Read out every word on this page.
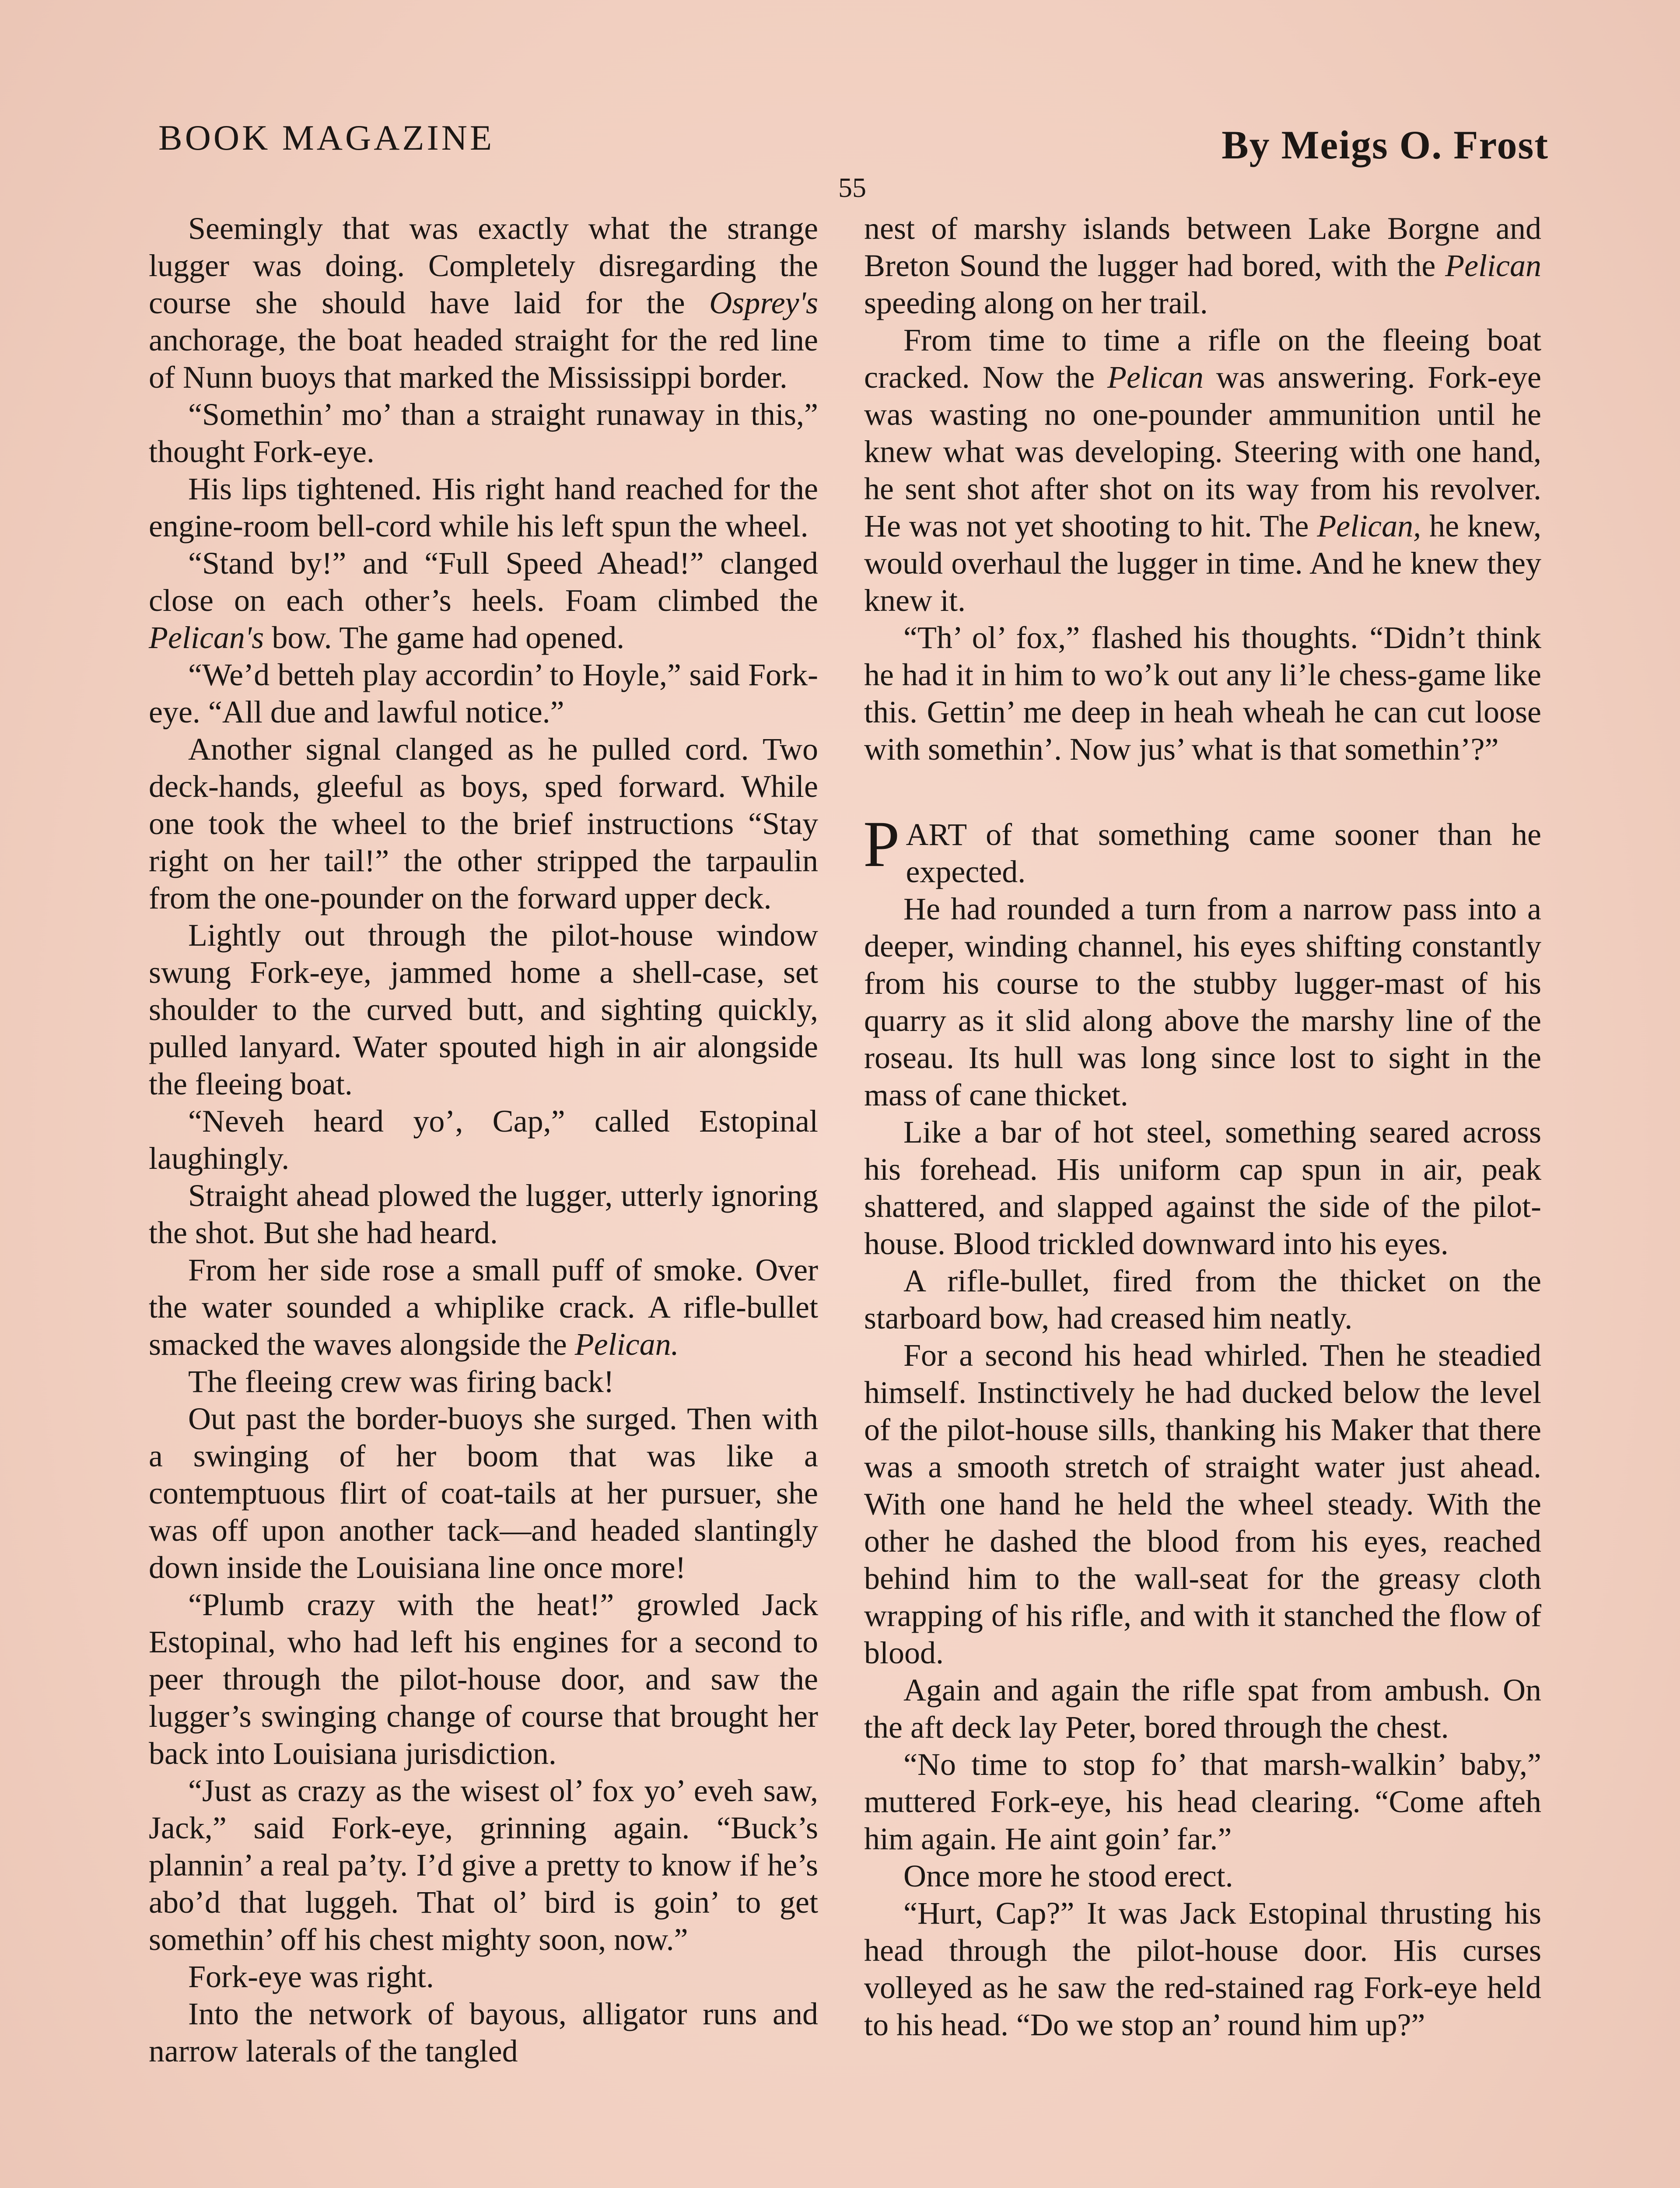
BOOK MAGAZINE	By Meigs O. Frost
55

Seemingly that was exactly what the strange lugger was doing. Completely disregarding the course she should have laid for the Osprey's anchorage, the boat headed straight for the red line of Nunn buoys that marked the Mississippi border.

“Somethin’ mo’ than a straight runaway in this,” thought Fork-eye.

His lips tightened. His right hand reached for the engine-room bell-cord while his left spun the wheel.

“Stand by!” and “Full Speed Ahead!” clanged close on each other’s heels. Foam climbed the Pelican's bow. The game had opened.

“We’d betteh play accordin’ to Hoyle,” said Fork-eye. “All due and lawful notice.”

Another signal clanged as he pulled cord. Two deck-hands, gleeful as boys, sped forward. While one took the wheel to the brief instructions “Stay right on her tail!” the other stripped the tarpaulin from the one-pounder on the forward upper deck.

Lightly out through the pilot-house window swung Fork-eye, jammed home a shell-case, set shoulder to the curved butt, and sighting quickly, pulled lanyard. Water spouted high in air alongside the fleeing boat.

“Neveh heard yo’, Cap,” called Estopinal laughingly.

Straight ahead plowed the lugger, utterly ignoring the shot. But she had heard.

From her side rose a small puff of smoke. Over the water sounded a whiplike crack. A rifle-bullet smacked the waves alongside the Pelican.

The fleeing crew was firing back!

Out past the border-buoys she surged. Then with a swinging of her boom that was like a contemptuous flirt of coat-tails at her pursuer, she was off upon another tack—and headed slantingly down inside the Louisiana line once more!

“Plumb crazy with the heat!” growled Jack Estopinal, who had left his engines for a second to peer through the pilot-house door, and saw the lugger’s swinging change of course that brought her back into Louisiana jurisdiction.

“Just as crazy as the wisest ol’ fox yo’ eveh saw, Jack,” said Fork-eye, grinning again. “Buck’s plannin’ a real pa’ty. I’d give a pretty to know if he’s abo’d that luggeh. That ol’ bird is goin’ to get somethin’ off his chest mighty soon, now.”

Fork-eye was right.

Into the network of bayous, alligator runs and narrow laterals of the tangled

nest of marshy islands between Lake Borgne and Breton Sound the lugger had bored, with the Pelican speeding along on her trail.

From time to time a rifle on the fleeing boat cracked. Now the Pelican was answering. Fork-eye was wasting no one-pounder ammunition until he knew what was developing. Steering with one hand, he sent shot after shot on its way from his revolver. He was not yet shooting to hit. The Pelican, he knew, would overhaul the lugger in time. And he knew they knew it.

“Th’ ol’ fox,” flashed his thoughts. “Didn’t think he had it in him to wo’k out any li’le chess-game like this. Gettin’ me deep in heah wheah he can cut loose with somethin’. Now jus’ what is that somethin’?”

PART of that something came sooner than he expected.

He had rounded a turn from a narrow pass into a deeper, winding channel, his eyes shifting constantly from his course to the stubby lugger-mast of his quarry as it slid along above the marshy line of the roseau. Its hull was long since lost to sight in the mass of cane thicket.

Like a bar of hot steel, something seared across his forehead. His uniform cap spun in air, peak shattered, and slapped against the side of the pilot-house. Blood trickled downward into his eyes.

A rifle-bullet, fired from the thicket on the starboard bow, had creased him neatly.

For a second his head whirled. Then he steadied himself. Instinctively he had ducked below the level of the pilot-house sills, thanking his Maker that there was a smooth stretch of straight water just ahead. With one hand he held the wheel steady. With the other he dashed the blood from his eyes, reached behind him to the wall-seat for the greasy cloth wrapping of his rifle, and with it stanched the flow of blood.

Again and again the rifle spat from ambush. On the aft deck lay Peter, bored through the chest.

“No time to stop fo’ that marsh-walkin’ baby,” muttered Fork-eye, his head clearing. “Come afteh him again. He aint goin’ far.”

Once more he stood erect.

“Hurt, Cap?” It was Jack Estopinal thrusting his head through the pilot-house door. His curses volleyed as he saw the red-stained rag Fork-eye held to his head. “Do we stop an’ round him up?”
